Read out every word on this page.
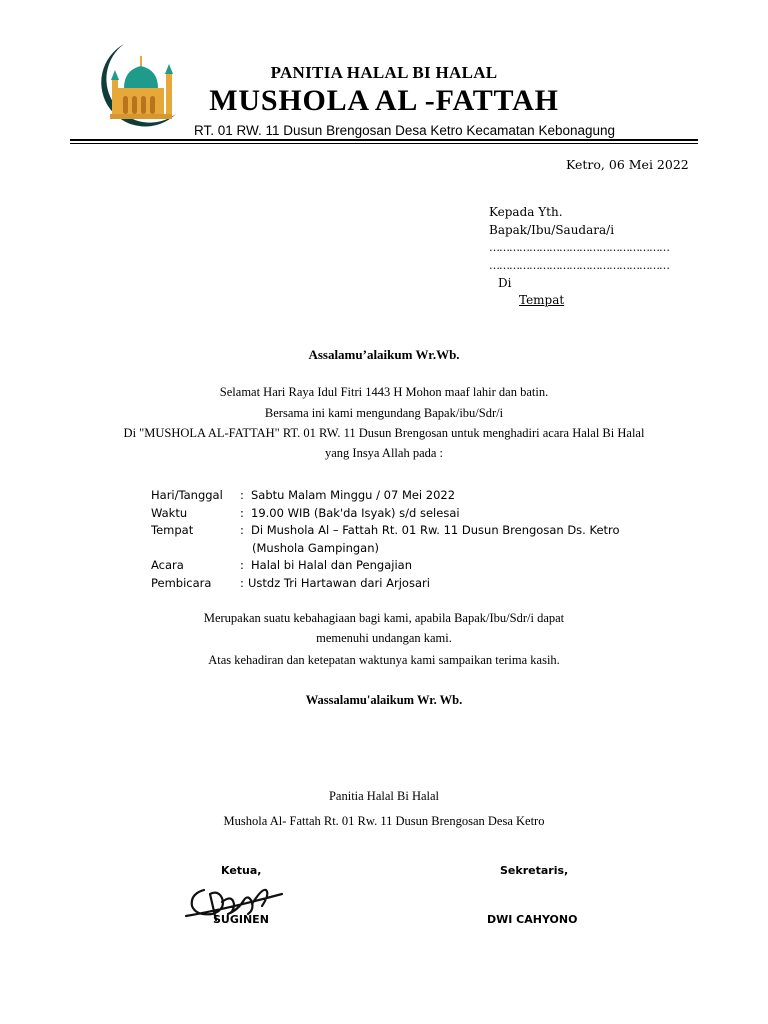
PANITIA HALAL BI HALAL
MUSHOLA AL -FATTAH
RT. 01 RW. 11 Dusun Brengosan Desa Ketro Kecamatan Kebonagung
Ketro, 06 Mei 2022
Kepada Yth.
Bapak/Ibu/Saudara/i
………………………………………………
………………………………………………
Di
Tempat
Assalamu’alaikum Wr.Wb.
Selamat Hari Raya Idul Fitri 1443 H Mohon maaf lahir dan batin.
Bersama ini kami mengundang Bapak/ibu/Sdr/i
Di "MUSHOLA AL-FATTAH" RT. 01 RW. 11 Dusun Brengosan untuk menghadiri acara Halal Bi Halal
yang Insya Allah pada :
Hari/Tanggal : Sabtu Malam Minggu / 07 Mei 2022
Waktu	: 19.00 WIB (Bak'da Isyak) s/d selesai
Tempat	: Di Mushola Al – Fattah Rt. 01 Rw. 11 Dusun Brengosan Ds. Ketro
(Mushola Gampingan)
Acara	: Halal bi Halal dan Pengajian
Pembicara : Ustdz Tri Hartawan dari Arjosari
Merupakan suatu kebahagiaan bagi kami, apabila Bapak/Ibu/Sdr/i dapat
memenuhi undangan kami.
Atas kehadiran dan ketepatan waktunya kami sampaikan terima kasih.
Wassalamu'alaikum Wr. Wb.
Panitia Halal Bi Halal
Mushola Al- Fattah Rt. 01 Rw. 11 Dusun Brengosan Desa Ketro
Ketua,	Sekretaris,
SUGINEN	DWI CAHYONO
